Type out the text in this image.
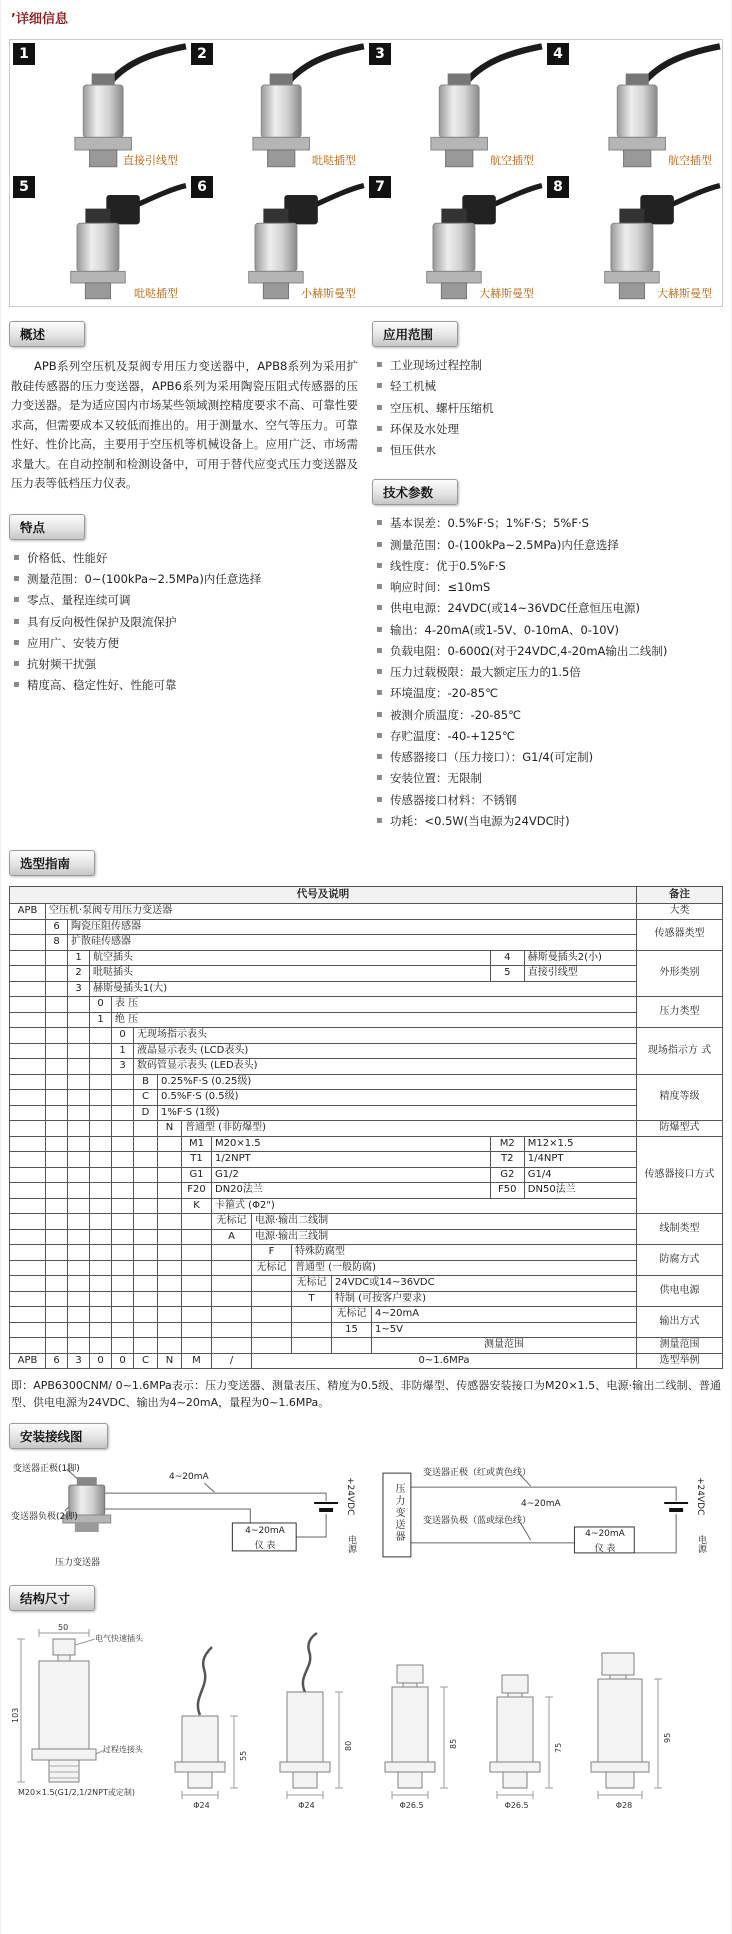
’详细信息
1
直接引线型
2
吡哒插型
3
航空插型
4
航空插型
5
吡哒插型
6
小赫斯曼型
7
大赫斯曼型
8
大赫斯曼型
概述

APB系列空压机及泵阀专用压力变送器中，APB8系列为采用扩散硅传感器的压力变送器，APB6系列为采用陶瓷压阻式传感器的压力变送器。是为适应国内市场某些领域测控精度要求不高、可靠性要求高，但需要成本又较低而推出的。用于测量水、空气等压力。可靠性好、性价比高，主要用于空压机等机械设备上。应用广泛、市场需求量大。在自动控制和检测设备中，可用于替代应变式压力变送器及压力表等低档压力仪表。

特点
▪ 价格低、性能好
▪ 测量范围：0~(100kPa~2.5MPa)内任意选择
▪ 零点、量程连续可调
▪ 具有反向极性保护及限流保护
▪ 应用广、安装方便
▪ 抗射频干扰强
▪ 精度高、稳定性好、性能可靠
应用范围
▪ 工业现场过程控制
▪ 轻工机械
▪ 空压机、螺杆压缩机
▪ 环保及水处理
▪ 恒压供水
技术参数
▪ 基本误差：0.5%F·S；1%F·S；5%F·S
▪ 测量范围：0-(100kPa~2.5MPa)内任意选择
▪ 线性度：优于0.5%F·S
▪ 响应时间：≤10mS
▪ 供电电源：24VDC(或14~36VDC任意恒压电源)
▪ 输出：4-20mA(或1-5V、0-10mA、0-10V)
▪ 负载电阻：0-600Ω(对于24VDC,4-20mA输出二线制)
▪ 压力过载极限：最大额定压力的1.5倍
▪ 环境温度：-20-85℃
▪ 被测介质温度：-20-85℃
▪ 存贮温度：-40-+125℃
▪ 传感器接口（压力接口）：G1/4(可定制)
▪ 安装位置：无限制
▪ 传感器接口材料：不锈钢
▪ 功耗：<0.5W(当电源为24VDC时)
选型指南
代号及说明															备注
APB	空压机·泵阀专用压力变送器														大类
	6	陶瓷压阻传感器													传感器类型
	8	扩散硅传感器													
		1	航空插头										4	赫斯曼插头2(小)	外形类别
		2	吡哒插头										5	直接引线型	
		3	赫斯曼插头1(大)												
			0	表 压											压力类型
			1	绝 压											
				0	无现场指示表头										现场指示方 式
				1	液晶显示表头 (LCD表头)										
				3	数码管显示表头 (LED表头)										
					B	0.25%F·S (0.25级)									精度等级
					C	0.5%F·S (0.5级)									
					D	1%F·S (1级)									
						N	普通型 (非防爆型)								防爆型式
							M1	M20×1.5					M2	M12×1.5	传感器接口方式
							T1	1/2NPT					T2	1/4NPT	
							G1	G1/2					G2	G1/4	
							F20	DN20法兰					F50	DN50法兰	
							K	卡箍式 (Φ2")							
								无标记	电源·输出二线制						线制类型
								A	电源·输出三线制						
									F	特殊防腐型					防腐方式
									无标记	普通型 (一般防腐)					
										无标记	24VDC或14~36VDC				供电电源
										T	特制 (可按客户要求)				
											无标记	4~20mA			输出方式
											15	1~5V			
												测量范围			测量范围
APB	6	3	0	0	C	N	M	/	0~1.6MPa						选型举例

即：APB6300CNM/ 0~1.6MPa表示：压力变送器、测量表压、精度为0.5级、非防爆型、传感器安装接口为M20×1.5、电源·输出二线制、普通型、供电电源为24VDC、输出为4~20mA，量程为0~1.6MPa。

安装接线图
变送器正极(1脚)
变送器负极(2脚)
压力变送器
4~20mA
4~20mA
仪 表
+24VDC
电源
压力变送器
变送器正极（红或黄色线）
变送器负极（蓝或绿色线）
4~20mA
4~20mA
仪 表
+24VDC
电源
结构尺寸
50
103
电气快速插头
过程连接头
M20×1.5(G1/2,1/2NPT或定制)
55
Φ24
80
Φ24
85
Φ26.5
75
Φ26.5
95
Φ28
